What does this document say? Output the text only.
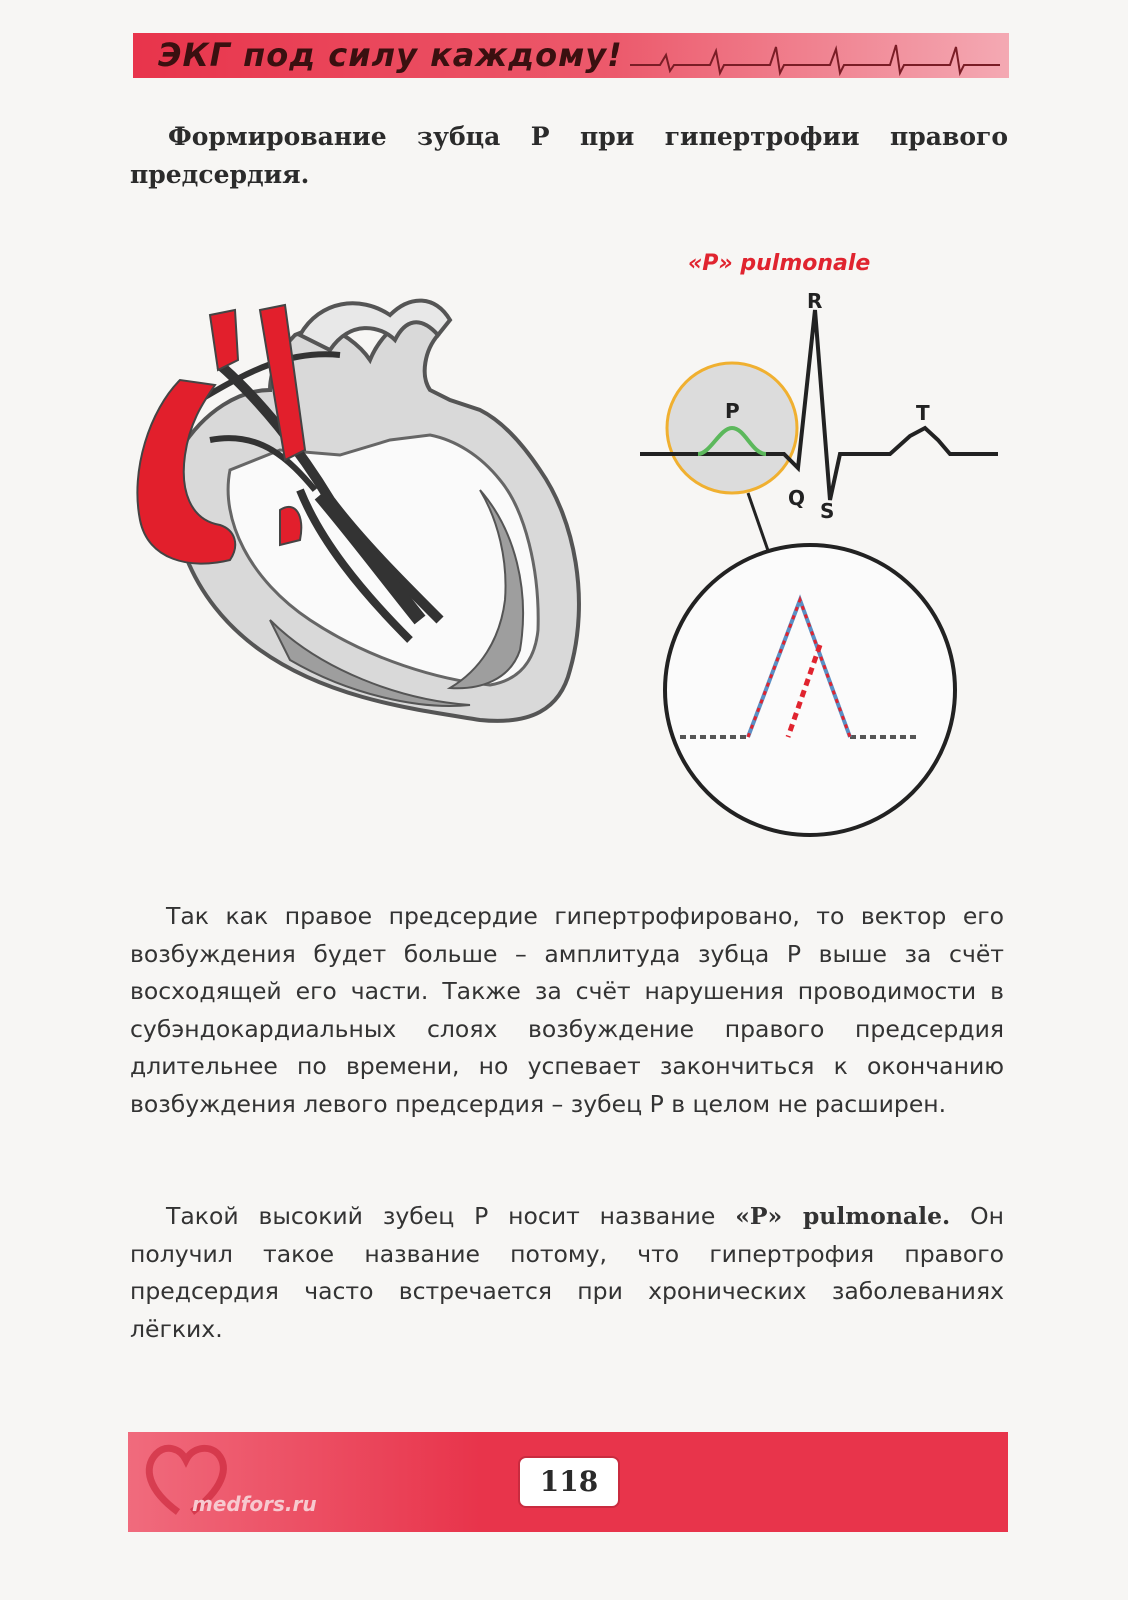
ЭКГ под силу каждому!
Формирование зубца Р при гипертрофии правого предсердия.
«Р» pulmonale
P
R
Q
S
T
Так как правое предсердие гипертрофировано, то вектор его возбуждения будет больше – амплитуда зубца Р выше за счёт восходящей его части. Также за счёт нарушения проводимости в субэндокардиальных слоях возбуждение правого предсердия длительнее по времени, но успевает закончиться к окончанию возбуждения левого предсердия – зубец Р в целом не расширен.
Такой высокий зубец Р носит название «Р» pulmonale. Он получил такое название потому, что гипертрофия правого предсердия часто встречается при хронических заболеваниях лёгких.
medfors.ru
118
